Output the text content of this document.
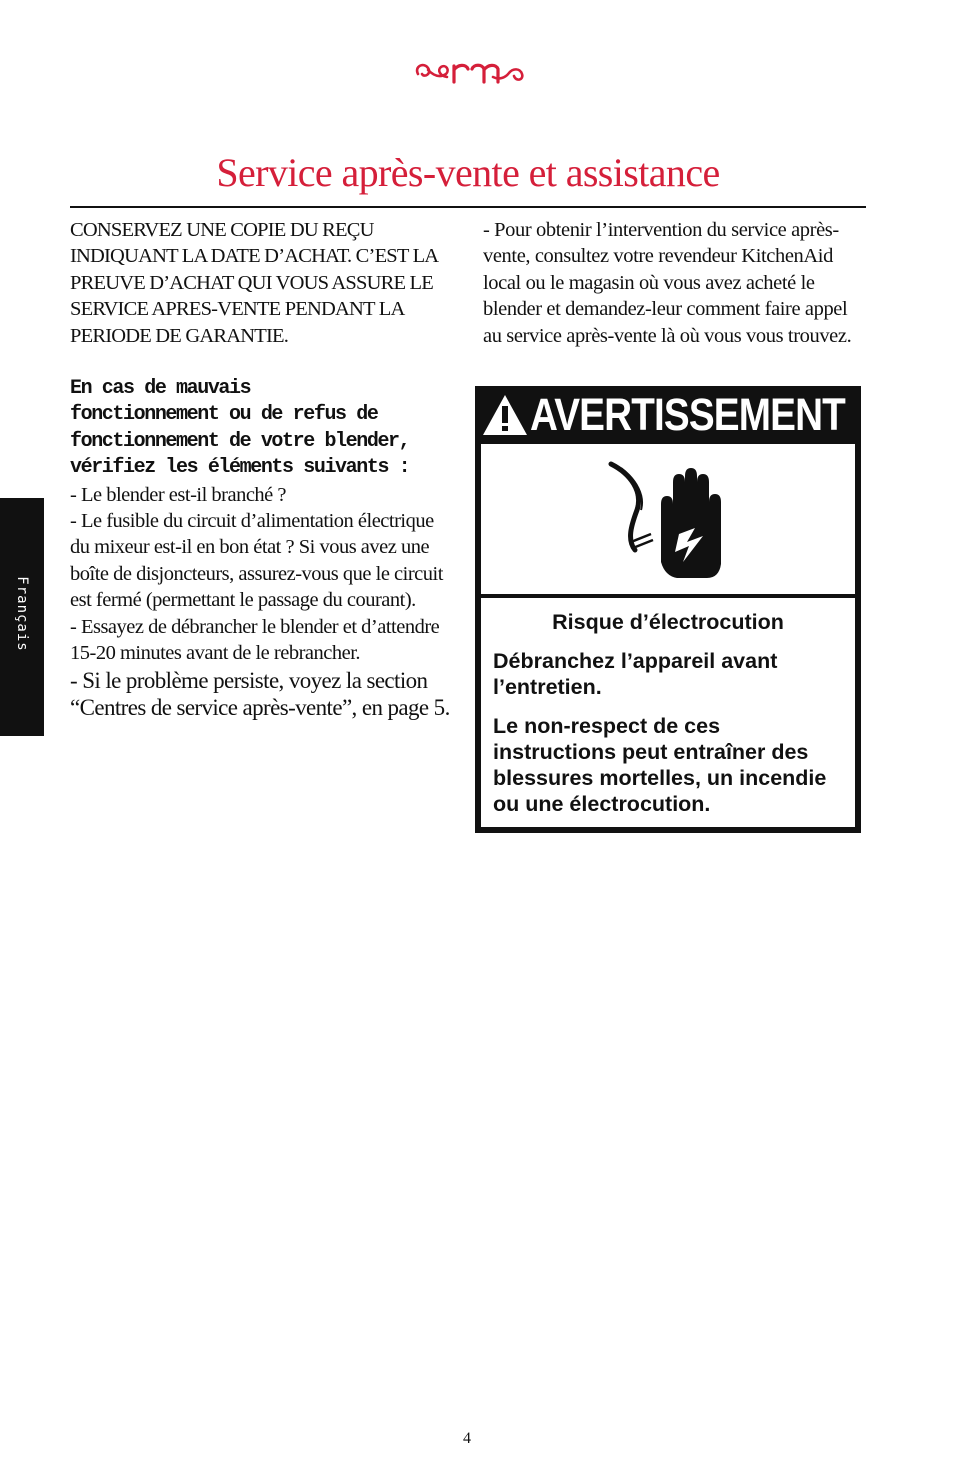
Service après-vente et assistance
Français

CONSERVEZ UNE COPIE DU REÇU INDIQUANT LA DATE D’ACHAT. C’EST LA PREUVE D’ACHAT QUI VOUS ASSURE LE SERVICE APRES-VENTE PENDANT LA PERIODE DE GARANTIE.

En cas de mauvais
fonctionnement ou de refus de
fonctionnement de votre blender,
vérifiez les éléments suivants :

- Le blender est-il branché ?

- Le fusible du circuit d’alimentation électrique du mixeur est-il en bon état ? Si vous avez une boîte de disjoncteurs, assurez-vous que le circuit est fermé (permettant le passage du courant).

- Essayez de débrancher le blender et d’attendre 15-20 minutes avant de le rebrancher.

- Si le problème persiste, voyez la section “Centres de service après-vente”, en page 5.

- Pour obtenir l’intervention du service après-vente, consultez votre revendeur KitchenAid local ou le magasin où vous avez acheté le blender et demandez-leur comment faire appel au service après-vente là où vous vous trouvez.

AVERTISSEMENT
Risque d’électrocution
Débranchez l’appareil avant l’entretien.
Le non-respect de ces instructions peut entraîner des blessures mortelles, un incendie ou une électrocution.
4
